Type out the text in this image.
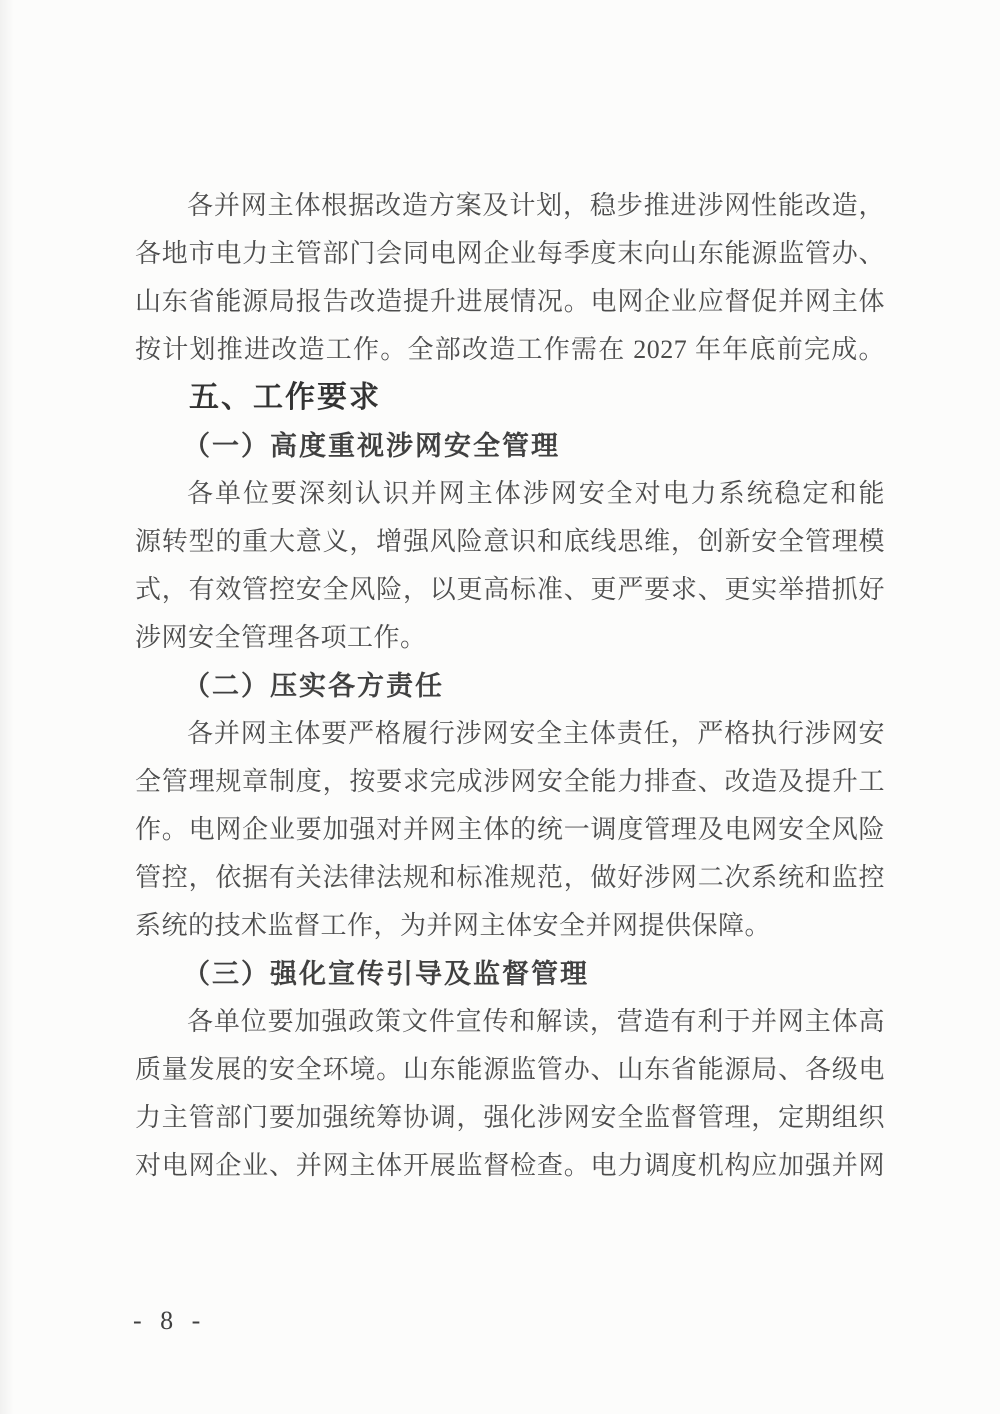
各并网主体根据改造方案及计划，稳步推进涉网性能改造，
各地市电力主管部门会同电网企业每季度末向山东能源监管办、
山东省能源局报告改造提升进展情况。电网企业应督促并网主体
按计划推进改造工作。全部改造工作需在 2027 年年底前完成。
五、工作要求
（一）高度重视涉网安全管理
各单位要深刻认识并网主体涉网安全对电力系统稳定和能
源转型的重大意义，增强风险意识和底线思维，创新安全管理模
式，有效管控安全风险，以更高标准、更严要求、更实举措抓好
涉网安全管理各项工作。
（二）压实各方责任
各并网主体要严格履行涉网安全主体责任，严格执行涉网安
全管理规章制度，按要求完成涉网安全能力排查、改造及提升工
作。电网企业要加强对并网主体的统一调度管理及电网安全风险
管控，依据有关法律法规和标准规范，做好涉网二次系统和监控
系统的技术监督工作，为并网主体安全并网提供保障。
（三）强化宣传引导及监督管理
各单位要加强政策文件宣传和解读，营造有利于并网主体高
质量发展的安全环境。山东能源监管办、山东省能源局、各级电
力主管部门要加强统筹协调，强化涉网安全监督管理，定期组织
对电网企业、并网主体开展监督检查。电力调度机构应加强并网
- 8 -
